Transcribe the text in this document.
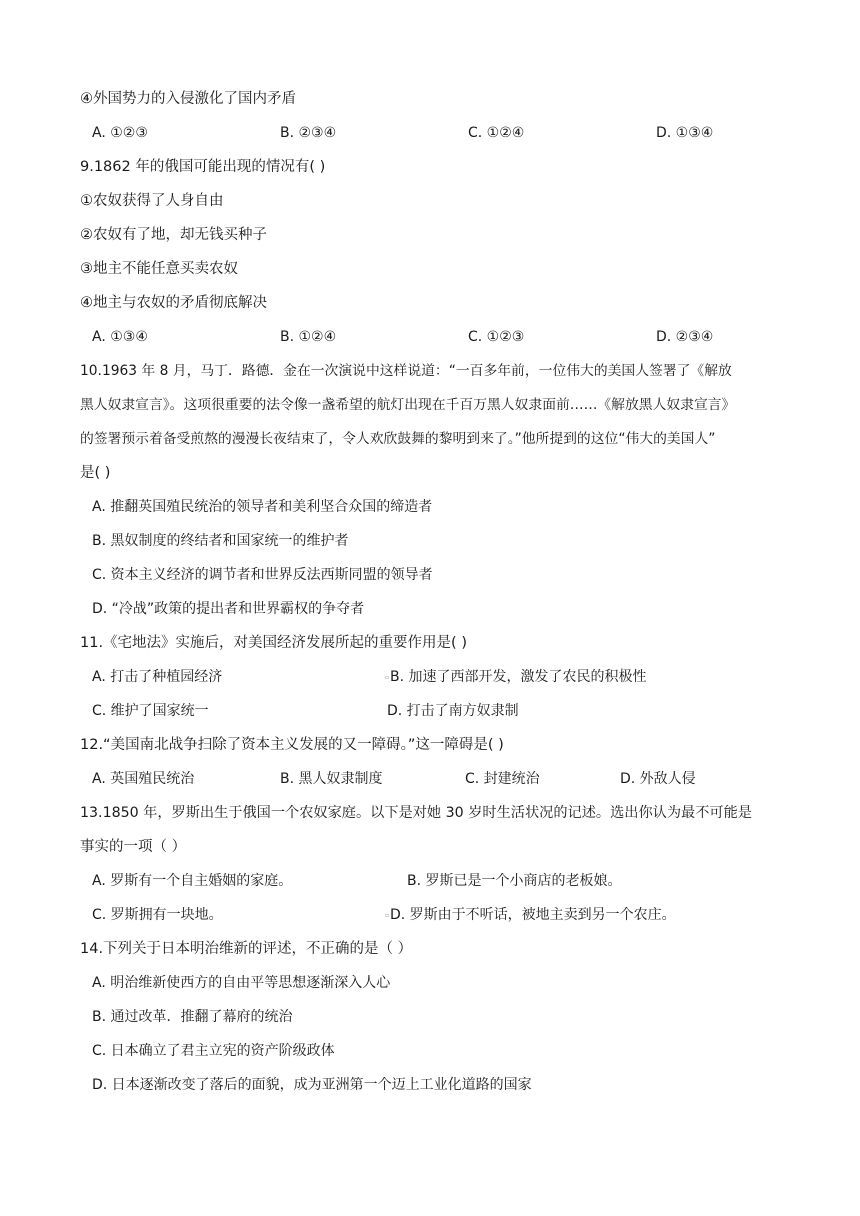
④外国势力的入侵激化了国内矛盾
A. ①②③	B. ②③④	C. ①②④	D. ①③④
9.1862 年的俄国可能出现的情况有( )
①农奴获得了人身自由
②农奴有了地，却无钱买种子
③地主不能任意买卖农奴
④地主与农奴的矛盾彻底解决
A. ①③④	B. ①②④	C. ①②③	D. ②③④
10.1963 年 8 月，马丁．路德．金在一次演说中这样说道：“一百多年前，一位伟大的美国人签署了《解放
黑人奴隶宣言》。这项很重要的法令像一盏希望的航灯出现在千百万黑人奴隶面前……《解放黑人奴隶宣言》
的签署预示着备受煎熬的漫漫长夜结束了，令人欢欣鼓舞的黎明到来了。”他所提到的这位“伟大的美国人”
是( )
A. 推翻英国殖民统治的领导者和美利坚合众国的缔造者
B. 黑奴制度的终结者和国家统一的维护者
C. 资本主义经济的调节者和世界反法西斯同盟的领导者
D. “冷战”政策的提出者和世界霸权的争夺者
11.《宅地法》实施后，对美国经济发展所起的重要作用是( )
A. 打击了种植园经济	▫ B. 加速了西部开发，激发了农民的积极性
C. 维护了国家统一	D. 打击了南方奴隶制
12.“美国南北战争扫除了资本主义发展的又一障碍。”这一障碍是( )
A. 英国殖民统治	B. 黑人奴隶制度	C. 封建统治	D. 外敌人侵
13.1850 年，罗斯出生于俄国一个农奴家庭。以下是对她 30 岁时生活状况的记述。选出你认为最不可能是
事实的一项（ ）
A. 罗斯有一个自主婚姻的家庭。	B. 罗斯已是一个小商店的老板娘。
C. 罗斯拥有一块地。	▫ D. 罗斯由于不听话，被地主卖到另一个农庄。
14.下列关于日本明治维新的评述，不正确的是（ ）
A. 明治维新使西方的自由平等思想逐渐深入人心
B. 通过改革．推翻了幕府的统治
C. 日本确立了君主立宪的资产阶级政体
D. 日本逐渐改变了落后的面貌，成为亚洲第一个迈上工业化道路的国家
